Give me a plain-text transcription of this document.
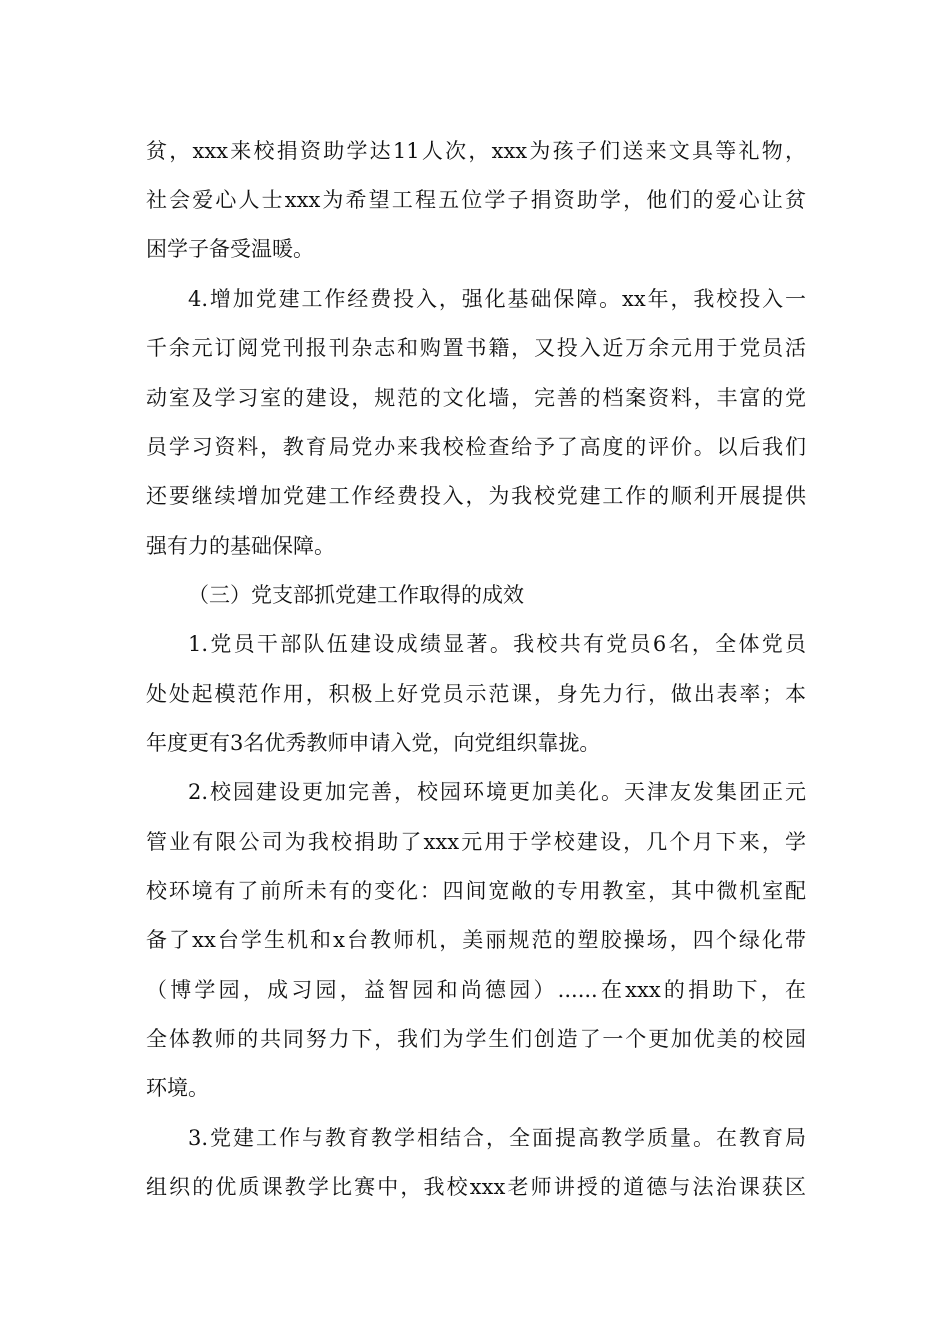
贫，xxx来校捐资助学达11人次，xxx为孩子们送来文具等礼物，
社会爱心人士xxx为希望工程五位学子捐资助学，他们的爱心让贫
困学子备受温暖。
4.增加党建工作经费投入，强化基础保障。xx年，我校投入一
千余元订阅党刊报刊杂志和购置书籍，又投入近万余元用于党员活
动室及学习室的建设，规范的文化墙，完善的档案资料，丰富的党
员学习资料，教育局党办来我校检查给予了高度的评价。以后我们
还要继续增加党建工作经费投入，为我校党建工作的顺利开展提供
强有力的基础保障。
（三）党支部抓党建工作取得的成效
1.党员干部队伍建设成绩显著。我校共有党员6名，全体党员
处处起模范作用，积极上好党员示范课，身先力行，做出表率；本
年度更有3名优秀教师申请入党，向党组织靠拢。
2.校园建设更加完善，校园环境更加美化。天津友发集团正元
管业有限公司为我校捐助了xxx元用于学校建设，几个月下来，学
校环境有了前所未有的变化：四间宽敞的专用教室，其中微机室配
备了xx台学生机和x台教师机，美丽规范的塑胶操场，四个绿化带
（博学园，成习园，益智园和尚德园）......在xxx的捐助下，在
全体教师的共同努力下，我们为学生们创造了一个更加优美的校园
环境。
3.党建工作与教育教学相结合，全面提高教学质量。在教育局
组织的优质课教学比赛中，我校xxx老师讲授的道德与法治课获区
